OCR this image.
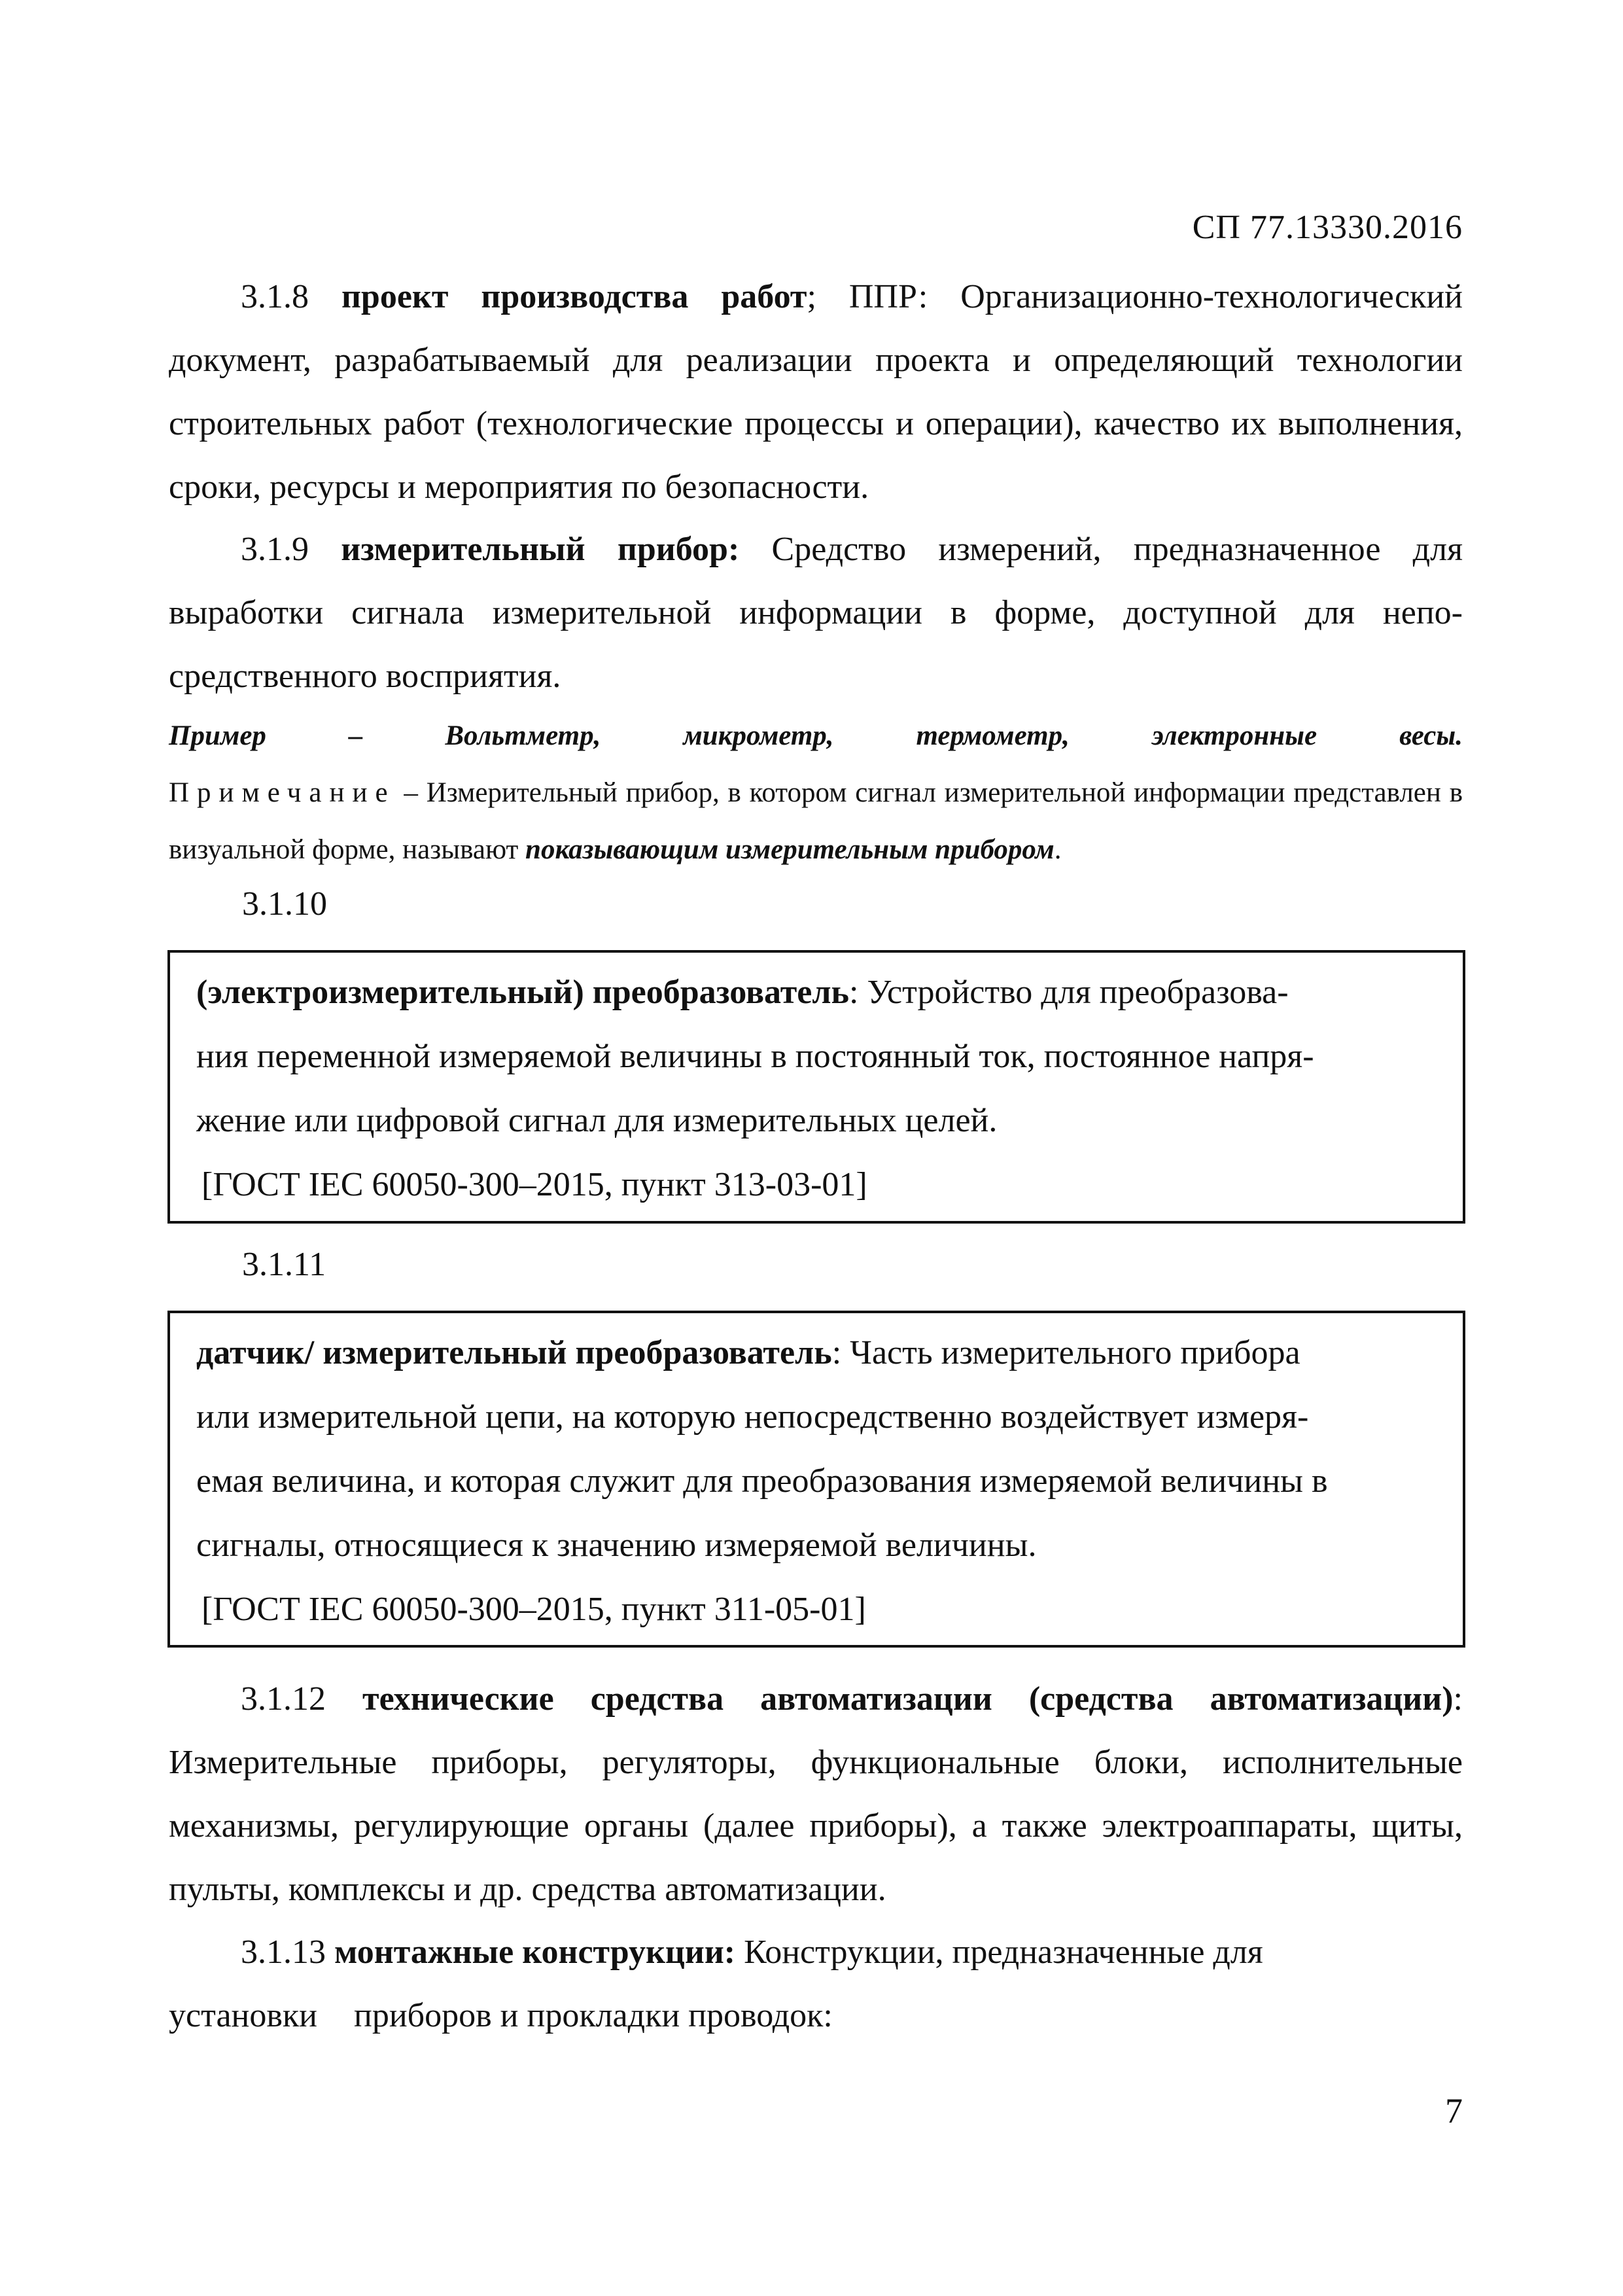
СП 77.13330.2016
3.1.8 проект производства работ; ППР: Организационно-технологический документ, разрабатываемый для реализации проекта и определяющий технологии строительных работ (технологические процессы и операции), качество их выполнения, сроки, ресурсы и мероприятия по безопасности.
3.1.9 измерительный прибор: Средство измерений, предназначенное для выработки сигнала измерительной информации в форме, доступной для непосредственного восприятия.
Пример	–	Вольтметр,	микрометр,	термометр,	электронные	весы.
Примечание – Измерительный прибор, в котором сигнал измерительной информации представлен в визуальной форме, называют показывающим измерительным прибором.
3.1.10
(электроизмерительный) преобразователь: Устройство для преобразова-
ния переменной измеряемой величины в постоянный ток, постоянное напря-
жение или цифровой сигнал для измерительных целей.
[ГОСТ IEC 60050-300–2015, пункт 313-03-01]
3.1.11
датчик/ измерительный преобразователь: Часть измерительного прибора
или измерительной цепи, на которую непосредственно воздействует измеря-
емая величина, и которая служит для преобразования измеряемой величины в
сигналы, относящиеся к значению измеряемой величины.
[ГОСТ IEC 60050-300–2015, пункт 311-05-01]
3.1.12 технические средства автоматизации (средства автоматизации): Измерительные приборы, регуляторы, функциональные блоки, исполнительные механизмы, регулирующие органы (далее приборы), а также электроаппараты, щиты, пульты, комплексы и др. средства автоматизации.
3.1.13 монтажные конструкции: Конструкции, предназначенные для
установки приборов и прокладки проводок:
7
